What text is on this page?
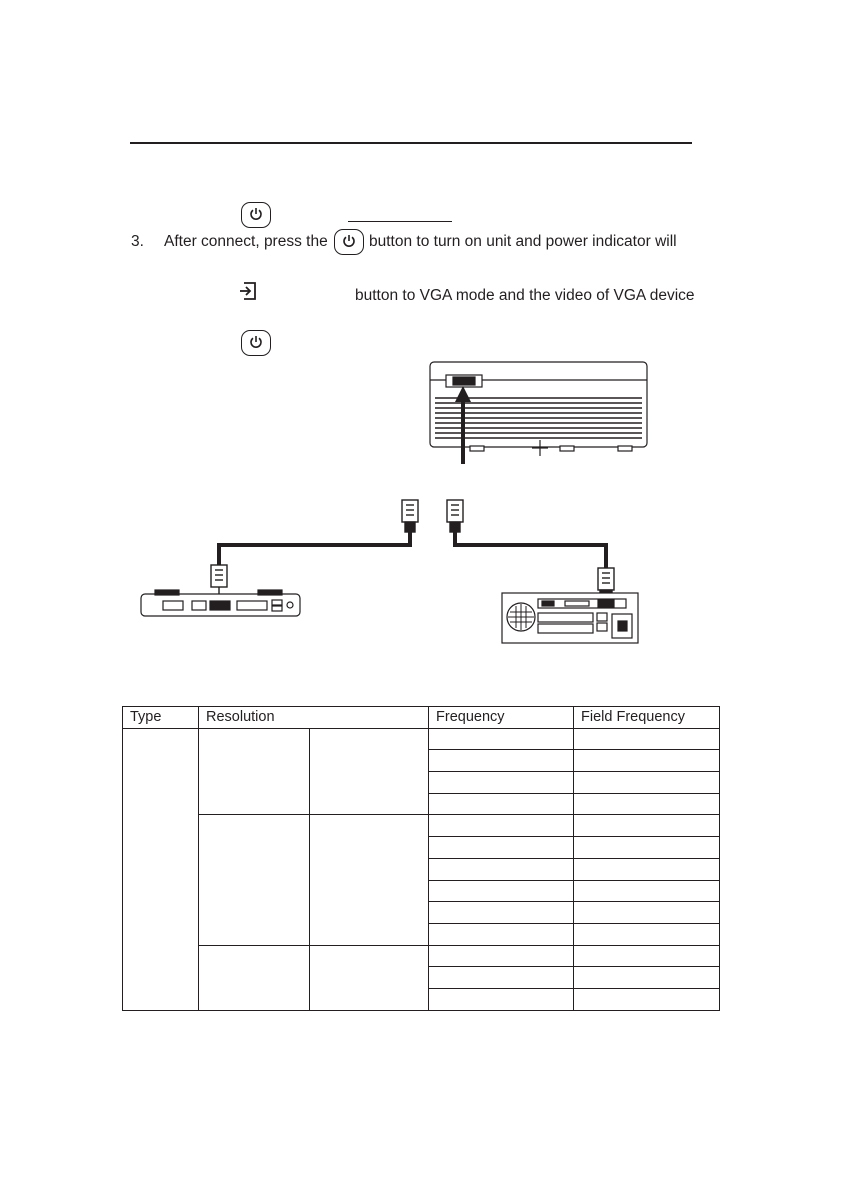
3. After connect, press the	button to turn on unit and power indicator will
button to VGA mode and the video of VGA device
Type	Resolution		Frequency	Field Frequency
